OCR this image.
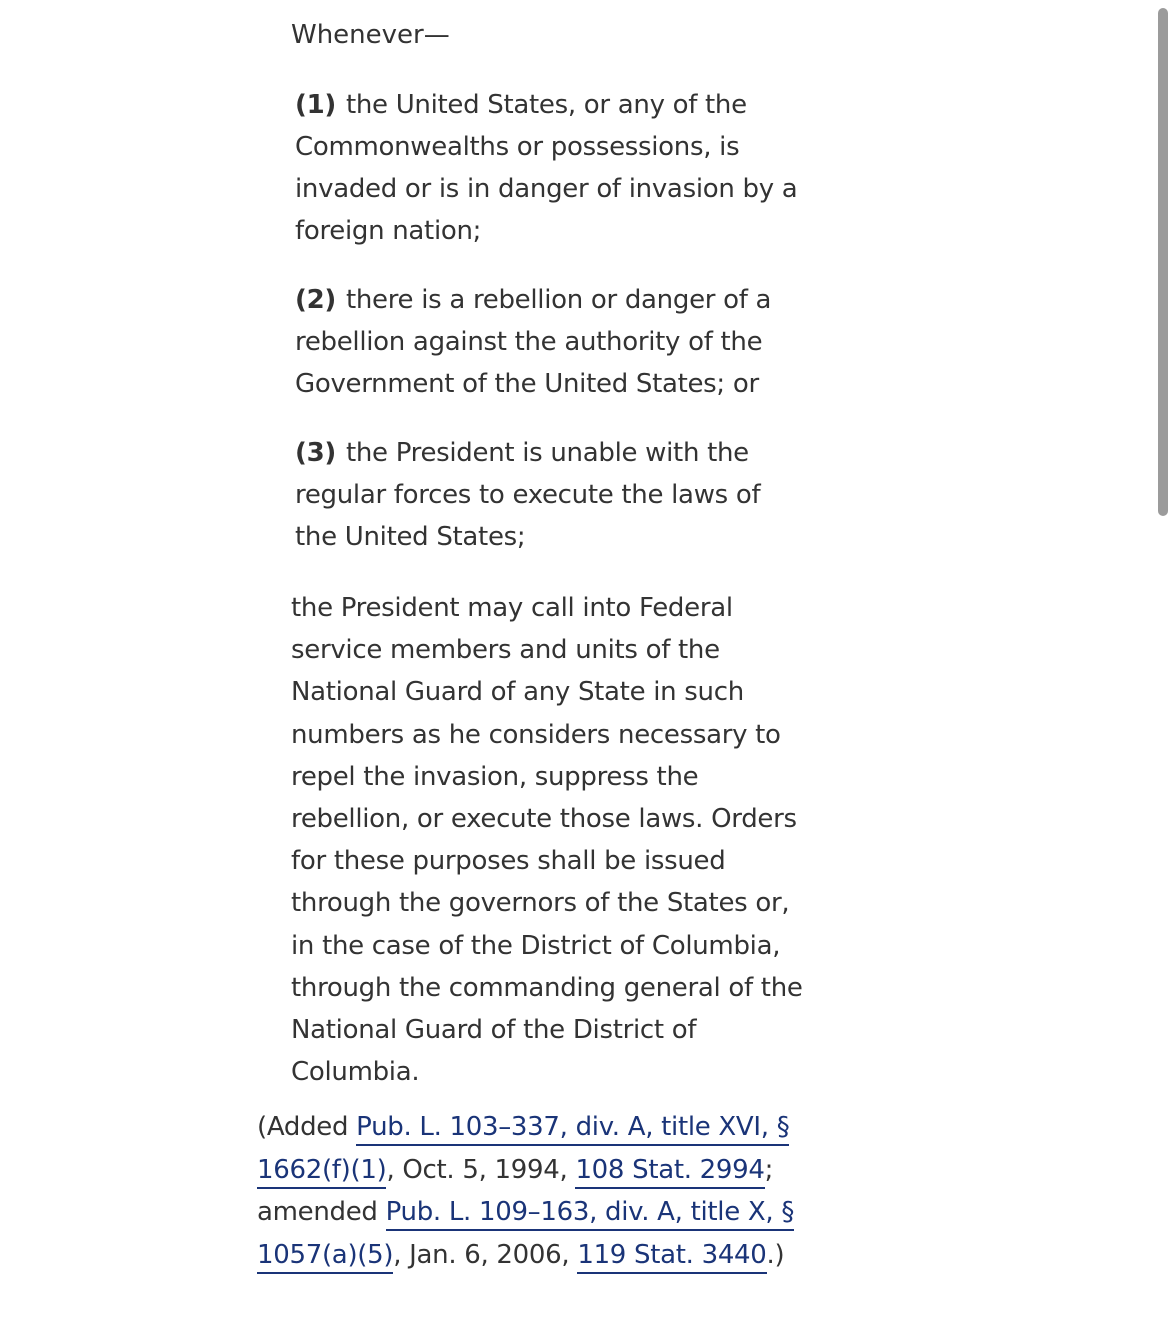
Whenever—

(1) the United States, or any of the Commonwealths or possessions, is invaded or is in danger of invasion by a foreign nation;

(2) there is a rebellion or danger of a rebellion against the authority of the Government of the United States; or

(3) the President is unable with the regular forces to execute the laws of the United States;

the President may call into Federal service members and units of the National Guard of any State in such numbers as he considers necessary to repel the invasion, suppress the rebellion, or execute those laws. Orders for these purposes shall be issued through the governors of the States or, in the case of the District of Columbia, through the commanding general of the National Guard of the District of Columbia.

(Added Pub. L. 103–337, div. A, title XVI, § 1662(f)(1), Oct. 5, 1994, 108 Stat. 2994; amended Pub. L. 109–163, div. A, title X, § 1057(a)(5), Jan. 6, 2006, 119 Stat. 3440.)
